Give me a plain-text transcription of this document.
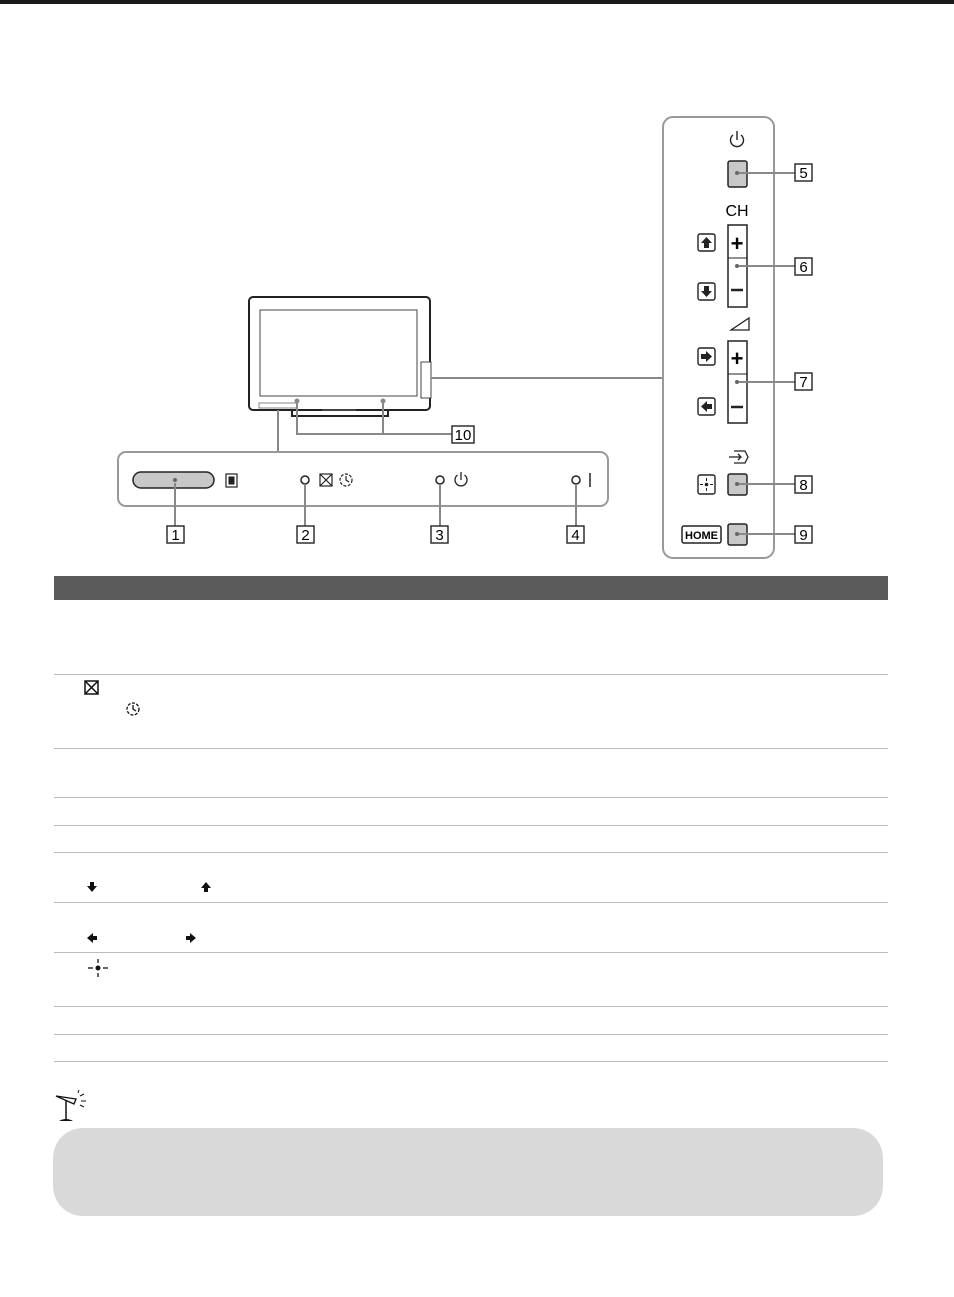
1	2	3	4
10
CH
+
+
HOME
5
6
7
8
9
